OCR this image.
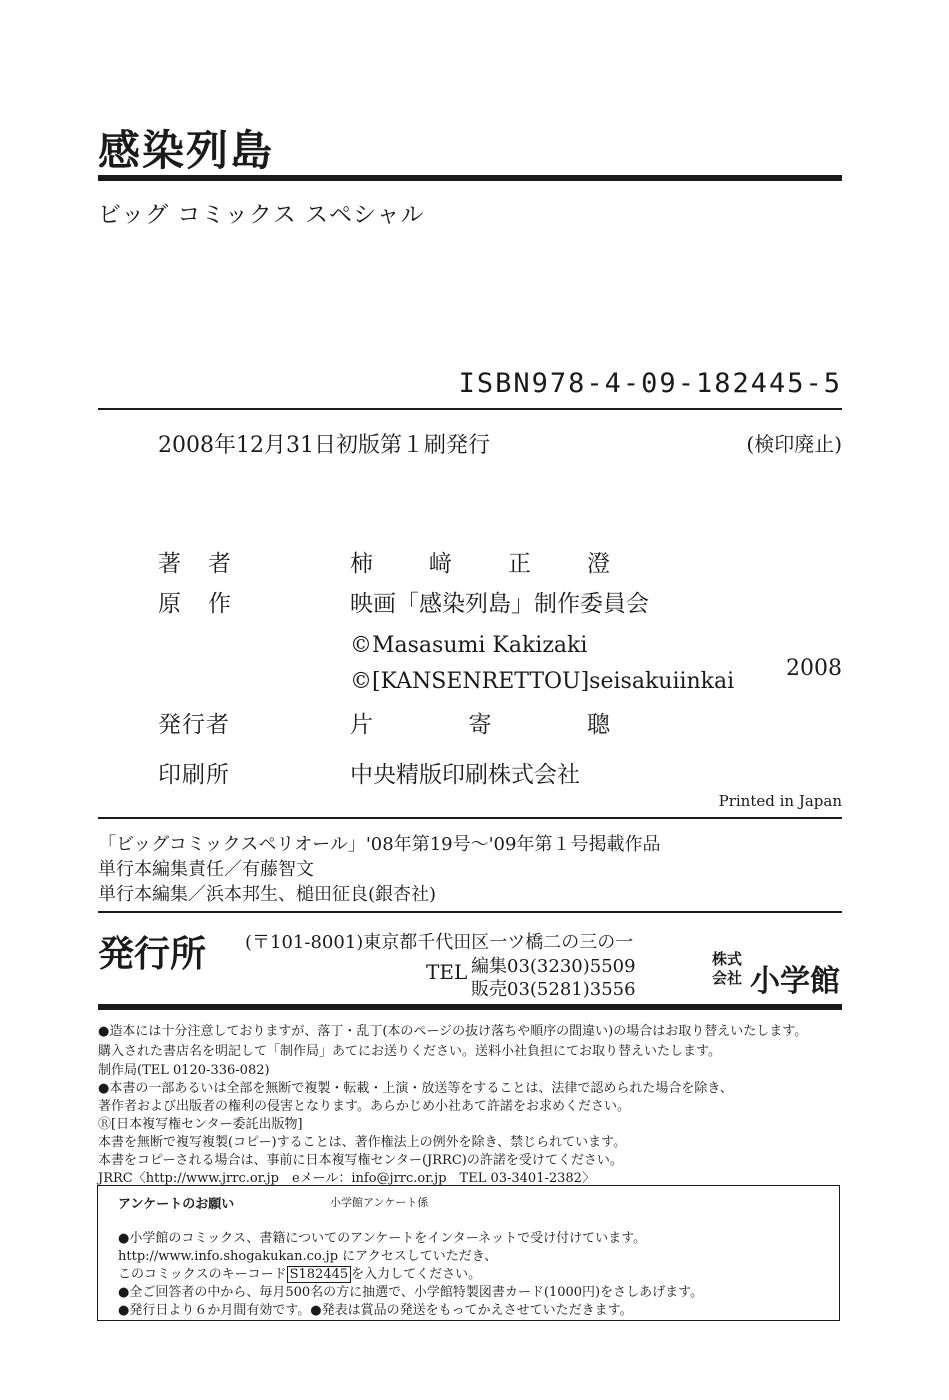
感染列島
ビッグ コミックス スペシャル
ISBN978-4-09-182445-5
2008年12月31日初版第１刷発行	(検印廃止)
著 者	柿 﨑 正 澄
原 作	映画「感染列島」制作委員会
©Masasumi Kakizaki
©[KANSENRETTOU]seisakuiinkai
2008
発行者	片	寄	聰
印刷所	中央精版印刷株式会社
Printed in Japan
「ビッグコミックスペリオール」'08年第19号～'09年第１号掲載作品
単行本編集責任／有藤智文
単行本編集／浜本邦生、槌田征良(銀杏社)
発行所 (〒101-8001)東京都千代田区一ツ橋二の三の一
TEL 編集03(3230)5509
販売03(5281)3556
株式
会社 小学館
●造本には十分注意しておりますが、落丁・乱丁(本のページの抜け落ちや順序の間違い)の場合はお取り替えいたします。
購入された書店名を明記して「制作局」あてにお送りください。送料小社負担にてお取り替えいたします。
制作局(TEL 0120-336-082)
●本書の一部あるいは全部を無断で複製・転載・上演・放送等をすることは、法律で認められた場合を除き、
著作者および出版者の権利の侵害となります。あらかじめ小社あて許諾をお求めください。
Ⓡ[日本複写権センター委託出版物]
本書を無断で複写複製(コピー)することは、著作権法上の例外を除き、禁じられています。
本書をコピーされる場合は、事前に日本複写権センター(JRRC)の許諾を受けてください。
JRRC〈http://www.jrrc.or.jp　eメール：info@jrrc.or.jp　TEL 03-3401-2382〉
アンケートのお願い	小学館アンケート係
●小学館のコミックス、書籍についてのアンケートをインターネットで受け付けています。
http://www.info.shogakukan.co.jp にアクセスしていただき、
このコミックスのキーコード S182445 を入力してください。
●全ご回答者の中から、毎月500名の方に抽選で、小学館特製図書カード(1000円)をさしあげます。
●発行日より６か月間有効です。●発表は賞品の発送をもってかえさせていただきます。
